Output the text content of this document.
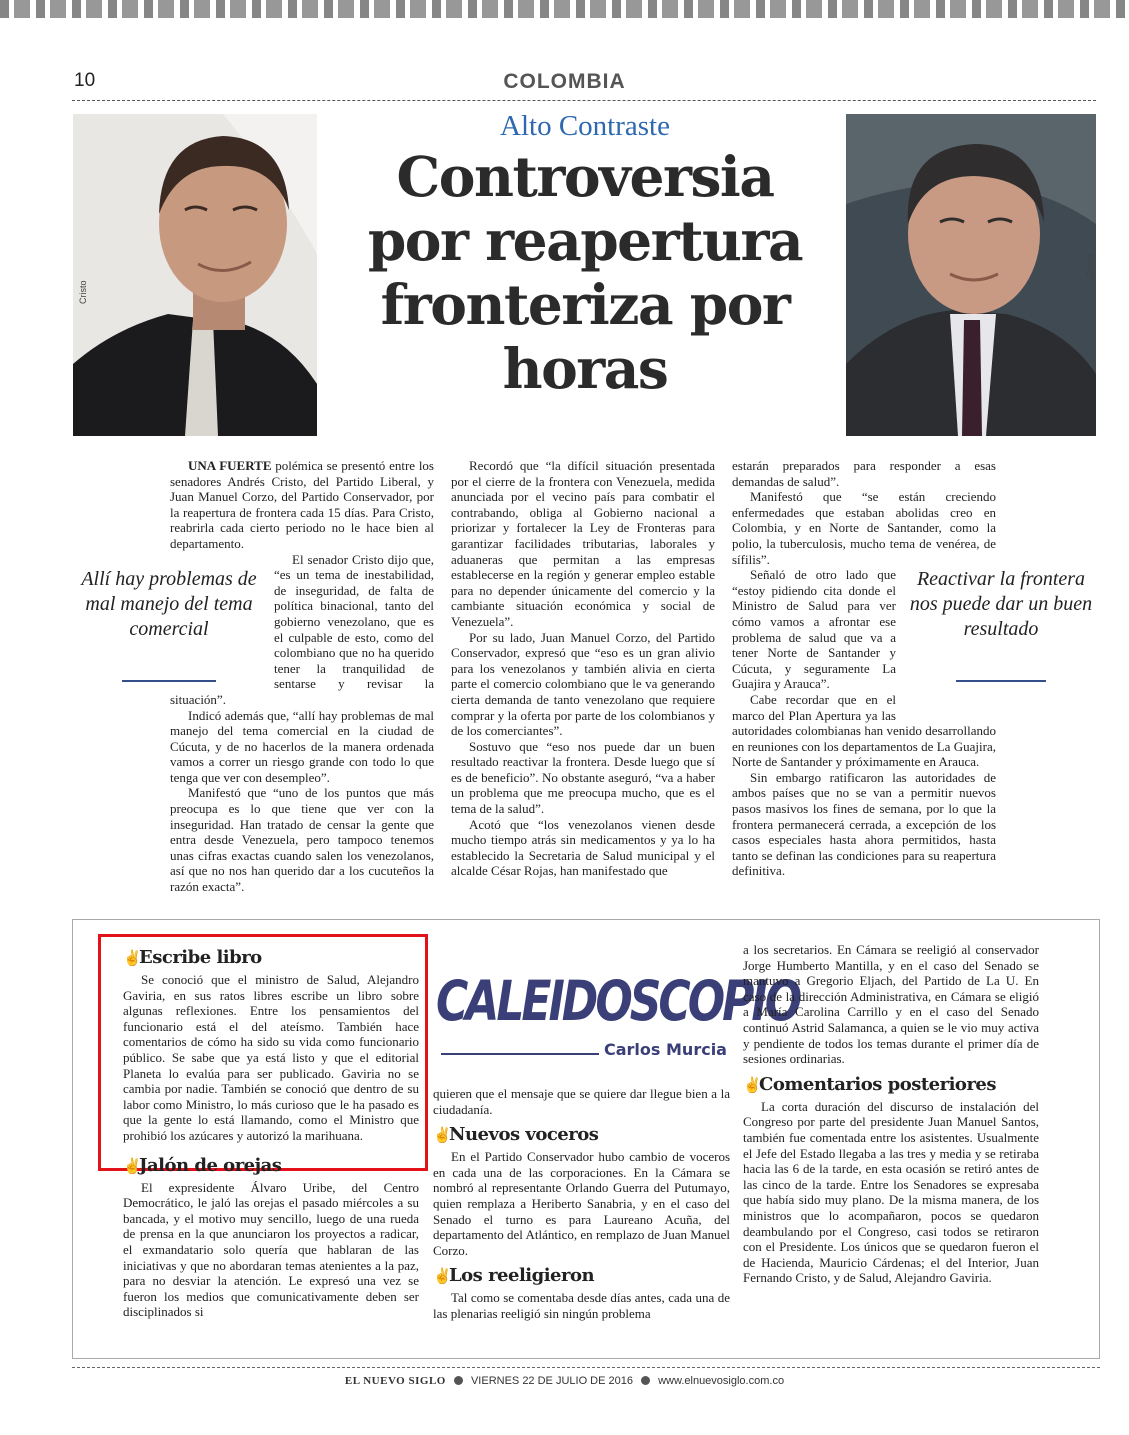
10	COLOMBIA
Alto Contraste
Controversia por reapertura fronteriza por horas
Cristo
Corzo
Allí hay problemas de mal manejo del tema comercial
Reactivar la frontera nos puede dar un buen resultado

UNA FUERTE polémica se presentó entre los senadores Andrés Cristo, del Partido Liberal, y Juan Manuel Corzo, del Partido Conservador, por la reapertura de frontera cada 15 días. Para Cristo, reabrirla cada cierto periodo no le hace bien al departamento.

El senador Cristo dijo que, “es un tema de inestabilidad, de inseguridad, de falta de política binacional, tanto del gobierno venezolano, que es el culpable de esto, como del colombiano que no ha querido tener la tranquilidad de sentarse y revisar la situación”.

Indicó además que, “allí hay problemas de mal manejo del tema comercial en la ciudad de Cúcuta, y de no hacerlos de la manera ordenada vamos a correr un riesgo grande con todo lo que tenga que ver con desempleo”.

Manifestó que “uno de los puntos que más preocupa es lo que tiene que ver con la inseguridad. Han tratado de censar la gente que entra desde Venezuela, pero tampoco tenemos unas cifras exactas cuando salen los venezolanos, así que no nos han querido dar a los cucuteños la razón exacta”.

Recordó que “la difícil situación presentada por el cierre de la frontera con Venezuela, medida anunciada por el vecino país para combatir el contrabando, obliga al Gobierno nacional a priorizar y fortalecer la Ley de Fronteras para garantizar facilidades tributarias, laborales y aduaneras que permitan a las empresas establecerse en la región y generar empleo estable para no depender únicamente del comercio y la cambiante situación económica y social de Venezuela”.

Por su lado, Juan Manuel Corzo, del Partido Conservador, expresó que “eso es un gran alivio para los venezolanos y también alivia en cierta parte el comercio colombiano que le va generando cierta demanda de tanto venezolano que requiere comprar y la oferta por parte de los colombianos y de los comerciantes”.

Sostuvo que “eso nos puede dar un buen resultado reactivar la frontera. Desde luego que sí es de beneficio”. No obstante aseguró, “va a haber un problema que me preocupa mucho, que es el tema de la salud”.

Acotó que “los venezolanos vienen desde mucho tiempo atrás sin medicamentos y ya lo ha establecido la Secretaria de Salud municipal y el alcalde César Rojas, han manifestado que

estarán preparados para responder a esas demandas de salud”.

Manifestó que “se están creciendo enfermedades que estaban abolidas creo en Colombia, y en Norte de Santander, como la polio, la tuberculosis, mucho tema de venérea, de sífilis”.

Señaló de otro lado que “estoy pidiendo cita donde el Ministro de Salud para ver cómo vamos a afrontar ese problema de salud que va a tener Norte de Santander y Cúcuta, y seguramente La Guajira y Arauca”.

Cabe recordar que en el marco del Plan Apertura ya las autoridades colombianas han venido desarrollando en reuniones con los departamentos de La Guajira, Norte de Santander y próximamente en Arauca.

Sin embargo ratificaron las autoridades de ambos países que no se van a permitir nuevos pasos masivos los fines de semana, por lo que la frontera permanecerá cerrada, a excepción de los casos especiales hasta ahora permitidos, hasta tanto se definan las condiciones para su reapertura definitiva.

CALEIDOSCOPIO
Carlos Murcia
✌Escribe libro

Se conoció que el ministro de Salud, Alejandro Gaviria, en sus ratos libres escribe un libro sobre algunas reflexiones. Entre los pensamientos del funcionario está el del ateísmo. También hace comentarios de cómo ha sido su vida como funcionario público. Se sabe que ya está listo y que el editorial Planeta lo evalúa para ser publicado. Gaviria no se cambia por nadie. También se conoció que dentro de su labor como Ministro, lo más curioso que le ha pasado es que la gente lo está llamando, como el Ministro que prohibió los azúcares y autorizó la marihuana.

✌Jalón de orejas

El expresidente Álvaro Uribe, del Centro Democrático, le jaló las orejas el pasado miércoles a su bancada, y el motivo muy sencillo, luego de una rueda de prensa en la que anunciaron los proyectos a radicar, el exmandatario solo quería que hablaran de las iniciativas y que no abordaran temas atenientes a la paz, para no desviar la atención. Le expresó una vez se fueron los medios que comunicativamente deben ser disciplinados si

quieren que el mensaje que se quiere dar llegue bien a la ciudadanía.

✌Nuevos voceros

En el Partido Conservador hubo cambio de voceros en cada una de las corporaciones. En la Cámara se nombró al representante Orlando Guerra del Putumayo, quien remplaza a Heriberto Sanabria, y en el caso del Senado el turno es para Laureano Acuña, del departamento del Atlántico, en remplazo de Juan Manuel Corzo.

✌Los reeligieron

Tal como se comentaba desde días antes, cada una de las plenarias reeligió sin ningún problema

a los secretarios. En Cámara se reeligió al conservador Jorge Humberto Mantilla, y en el caso del Senado se mantuvo a Gregorio Eljach, del Partido de La U. En caso de la dirección Administrativa, en Cámara se eligió a María Carolina Carrillo y en el caso del Senado continuó Astrid Salamanca, a quien se le vio muy activa y pendiente de todos los temas durante el primer día de sesiones ordinarias.

✌Comentarios posteriores

La corta duración del discurso de instalación del Congreso por parte del presidente Juan Manuel Santos, también fue comentada entre los asistentes. Usualmente el Jefe del Estado llegaba a las tres y media y se retiraba hacia las 6 de la tarde, en esta ocasión se retiró antes de las cinco de la tarde. Entre los Senadores se expresaba que había sido muy plano. De la misma manera, de los ministros que lo acompañaron, pocos se quedaron deambulando por el Congreso, casi todos se retiraron con el Presidente. Los únicos que se quedaron fueron el de Hacienda, Mauricio Cárdenas; el del Interior, Juan Fernando Cristo, y de Salud, Alejandro Gaviria.

EL NUEVO SIGLO VIERNES 22 DE JULIO DE 2016 www.elnuevosiglo.com.co
